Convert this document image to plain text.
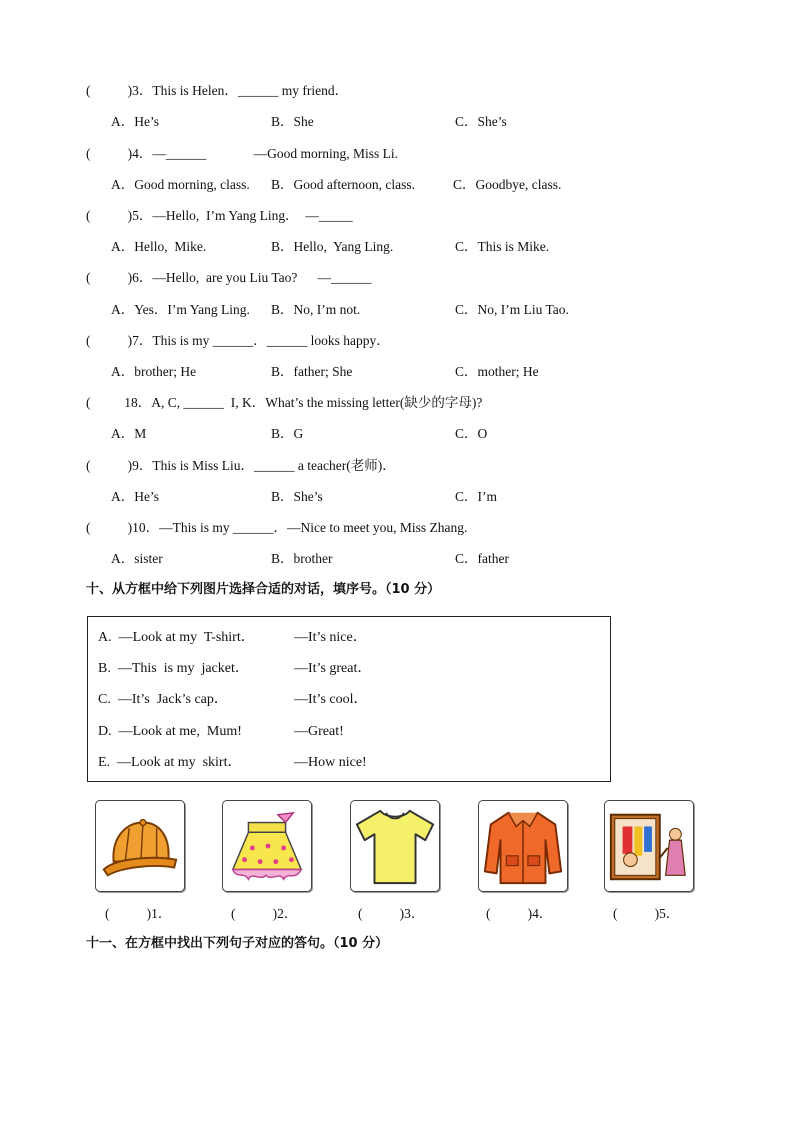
(           )3．This is Helen．______ my friend．
A．He’s	B．She	C．She’s
(           )4．—______              —Good morning, Miss Li.
A．Good morning, class. B．Good afternoon, class.	C．Goodbye, class.
(           )5．—Hello,  I’m Yang Ling．  —_____
A．Hello,  Mike.	B．Hello,  Yang Ling.	C．This is Mike.
(           )6．—Hello,  are you Liu Tao?      —______
A．Yes．I’m Yang Ling. B．No, I’m not.	C．No, I’m Liu Tao.
(           )7．This is my ______．______ looks happy．
A．brother; He	B．father; She	C．mother; He
(          18．A, C, ______  I, K．What’s the missing letter(缺少的字母)?
A．M	B．G	C．O
(           )9．This is Miss Liu．______ a teacher(老师)．
A．He’s	B．She’s	C．I’m
(           )10．—This is my ______．—Nice to meet you, Miss Zhang.
A．sister	B．brother	C．father
十、从方框中给下列图片选择合适的对话，填序号。（10 分）
A.  —Look at my  T-shirt．	—It’s nice．
B.  —This  is my  jacket．	—It’s great．
C.  —It’s  Jack’s cap．	—It’s cool．
D.  —Look at me,  Mum!	—Great!
E.  —Look at my  skirt．	—How nice!
(           )1．	(           )2．	(           )3．	(           )4．	(           )5．
十一、在方框中找出下列句子对应的答句。（10 分）
